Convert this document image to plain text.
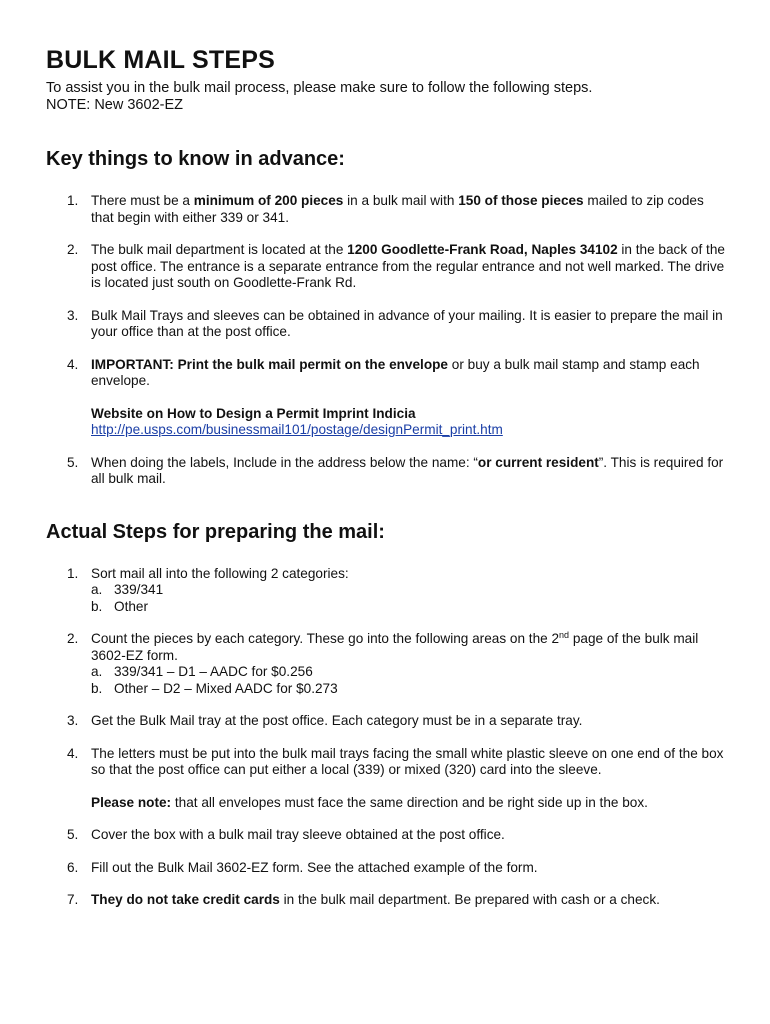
BULK MAIL STEPS

To assist you in the bulk mail process, please make sure to follow the following steps.

NOTE: New 3602-EZ

Key things to know in advance:
1. There must be a minimum of 200 pieces in a bulk mail with 150 of those pieces mailed to zip codes that begin with either 339 or 341.
2. The bulk mail department is located at the 1200 Goodlette-Frank Road, Naples 34102 in the back of the post office. The entrance is a separate entrance from the regular entrance and not well marked. The drive is located just south on Goodlette-Frank Rd.
3. Bulk Mail Trays and sleeves can be obtained in advance of your mailing. It is easier to prepare the mail in your office than at the post office.
4. IMPORTANT: Print the bulk mail permit on the envelope or buy a bulk mail stamp and stamp each envelope.
Website on How to Design a Permit Imprint Indicia
http://pe.usps.com/businessmail101/postage/designPermit_print.htm
5. When doing the labels, Include in the address below the name: “or current resident”. This is required for all bulk mail.
Actual Steps for preparing the mail:
1. Sort mail all into the following 2 categories:
a. 339/341
b. Other
2. Count the pieces by each category. These go into the following areas on the 2nd page of the bulk mail 3602-EZ form.
a. 339/341 – D1 – AADC for $0.256
b. Other – D2 – Mixed AADC for $0.273
3. Get the Bulk Mail tray at the post office. Each category must be in a separate tray.
4. The letters must be put into the bulk mail trays facing the small white plastic sleeve on one end of the box so that the post office can put either a local (339) or mixed (320) card into the sleeve.
Please note: that all envelopes must face the same direction and be right side up in the box.
5. Cover the box with a bulk mail tray sleeve obtained at the post office.
6. Fill out the Bulk Mail 3602-EZ form. See the attached example of the form.
7. They do not take credit cards in the bulk mail department. Be prepared with cash or a check.
